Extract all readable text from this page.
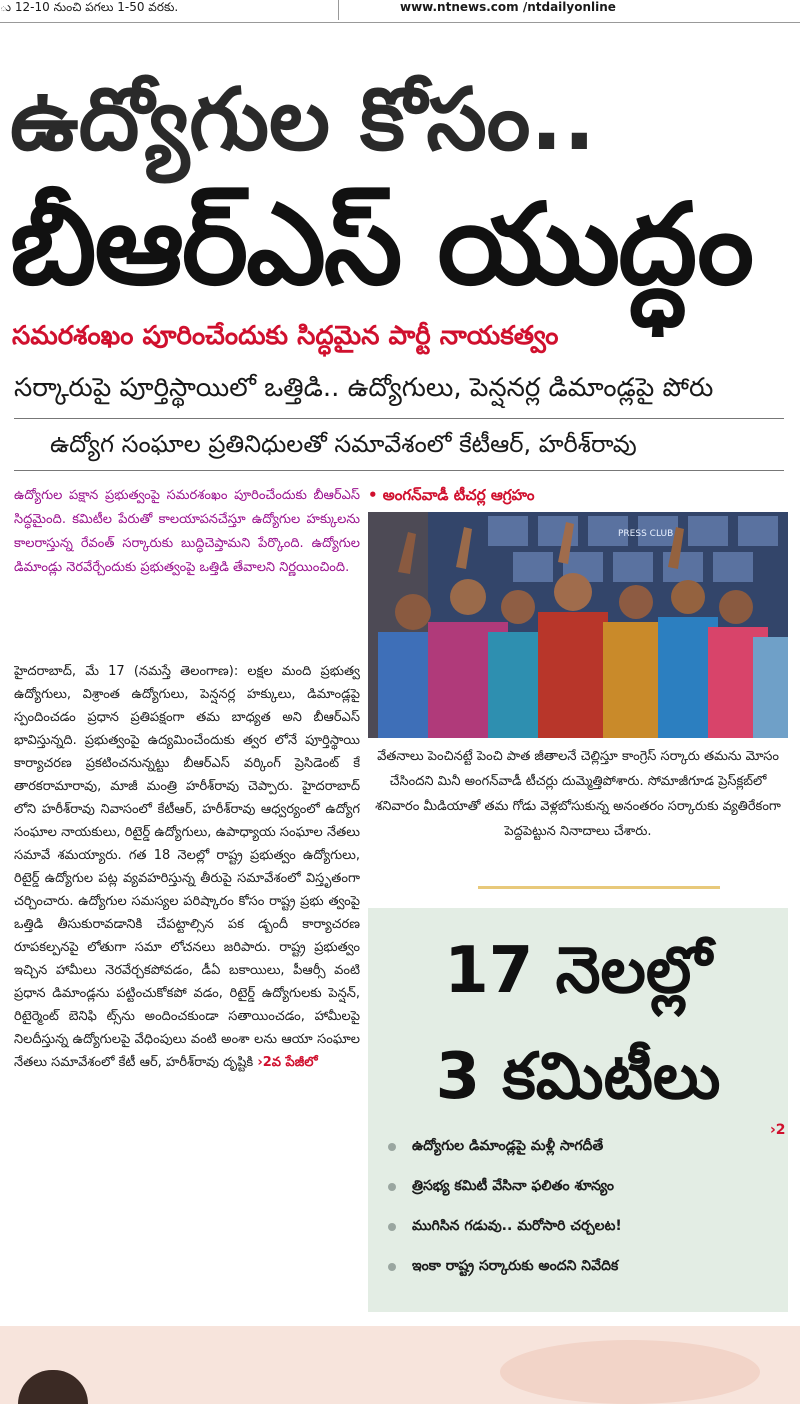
ు 12-10 నుంచి పగలు 1-50 వరకు.	www.ntnews.com /ntdailyonline
ఉద్యోగుల కోసం..
బీఆర్ఎస్ యుద్ధం
సమరశంఖం పూరించేందుకు సిద్ధమైన పార్టీ నాయకత్వం
సర్కారుపై పూర్తిస్థాయిలో ఒత్తిడి.. ఉద్యోగులు, పెన్షనర్ల డిమాండ్లపై పోరు
ఉద్యోగ సంఘాల ప్రతినిధులతో సమావేశంలో కేటీఆర్, హరీశ్‌రావు

ఉద్యోగుల పక్షాన ప్రభుత్వంపై సమరశంఖం పూరించేందుకు బీఆర్‌ఎస్ సిద్ధమైంది. కమిటీల పేరుతో కాలయాపనచేస్తూ ఉద్యోగుల హక్కులను కాలరాస్తున్న రేవంత్ సర్కారుకు బుద్ధిచెప్తామని పేర్కొంది. ఉద్యోగుల డిమాండ్లు నెరవేర్చేందుకు ప్రభుత్వంపై ఒత్తిడి తేవాలని నిర్ణయించింది.

హైదరాబాద్, మే 17 (నమస్తే తెలంగాణ): లక్షల మంది ప్రభుత్వ ఉద్యోగులు, విశ్రాంత ఉద్యోగులు, పెన్షనర్ల హక్కులు, డిమాండ్లపై స్పందించడం ప్రధాన ప్రతిపక్షంగా తమ బాధ్యత అని బీఆర్ఎస్ భావిస్తున్నది. ప్రభుత్వంపై ఉద్యమించేందుకు త్వర లోనే పూర్తిస్థాయి కార్యాచరణ ప్రకటించనున్నట్టు బీఆర్ఎస్ వర్కింగ్ ప్రెసిడెంట్ కే తారకరామారావు, మాజీ మంత్రి హరీశ్‌రావు చెప్పారు. హైదరాబాద్ లోని హరీశ్‌రావు నివాసంలో కేటీఆర్, హరీశ్‌రావు ఆధ్వర్యంలో ఉద్యోగ సంఘాల నాయకులు, రిటైర్డ్ ఉద్యోగులు, ఉపాధ్యాయ సంఘాల నేతలు సమావే శమయ్యారు. గత 18 నెలల్లో రాష్ట్ర ప్రభుత్వం ఉద్యోగులు, రిటైర్డ్ ఉద్యోగుల పట్ల వ్యవహరిస్తున్న తీరుపై సమావేశంలో విస్తృతంగా చర్చించారు. ఉద్యోగుల సమస్యల పరిష్కారం కోసం రాష్ట్ర ప్రభు త్వంపై ఒత్తిడి తీసుకురావడానికి చేపట్టాల్సిన పక డ్బందీ కార్యాచరణ రూపకల్పనపై లోతుగా సమా లోచనలు జరిపారు. రాష్ట్ర ప్రభుత్వం ఇచ్చిన హామీలు నెరవేర్చకపోవడం, డీఏ బకాయిలు, పీఆర్సీ వంటి ప్రధాన డిమాండ్లను పట్టించుకోకపో వడం, రిటైర్డ్ ఉద్యోగులకు పెన్షన్, రిటైర్మెంట్ బెనిఫి ట్స్‌ను అందించకుండా సతాయించడం, హామీలపై నిలదీస్తున్న ఉద్యోగులపై వేధింపులు వంటి అంశా లను ఆయా సంఘాల నేతలు సమావేశంలో కేటీ ఆర్, హరీశ్‌రావు దృష్టికి ›2వ పేజీలో

• అంగన్‌వాడీ టీచర్ల ఆగ్రహం
PRESS CLUB
వేతనాలు పెంచినట్టే పెంచి పాత జీతాలనే చెల్లిస్తూ కాంగ్రెస్ సర్కారు తమను మోసం చేసిందని మినీ అంగన్‌వాడీ టీచర్లు దుమ్మెత్తిపోశారు. సోమాజీగూడ ప్రెస్‌క్లబ్‌లో శనివారం మీడియాతో తమ గోడు వెళ్లబోసుకున్న అనంతరం సర్కారుకు వ్యతిరేకంగా పెద్దపెట్టున నినాదాలు చేశారు.
17 నెలల్లో
3 కమిటీలు
ఉద్యోగుల డిమాండ్లపై మళ్లీ సాగదీతే
›2
త్రిసభ్య కమిటీ వేసినా ఫలితం శూన్యం
ముగిసిన గడువు.. మరోసారి చర్చలట!
ఇంకా రాష్ట్ర సర్కారుకు అందని నివేదిక
